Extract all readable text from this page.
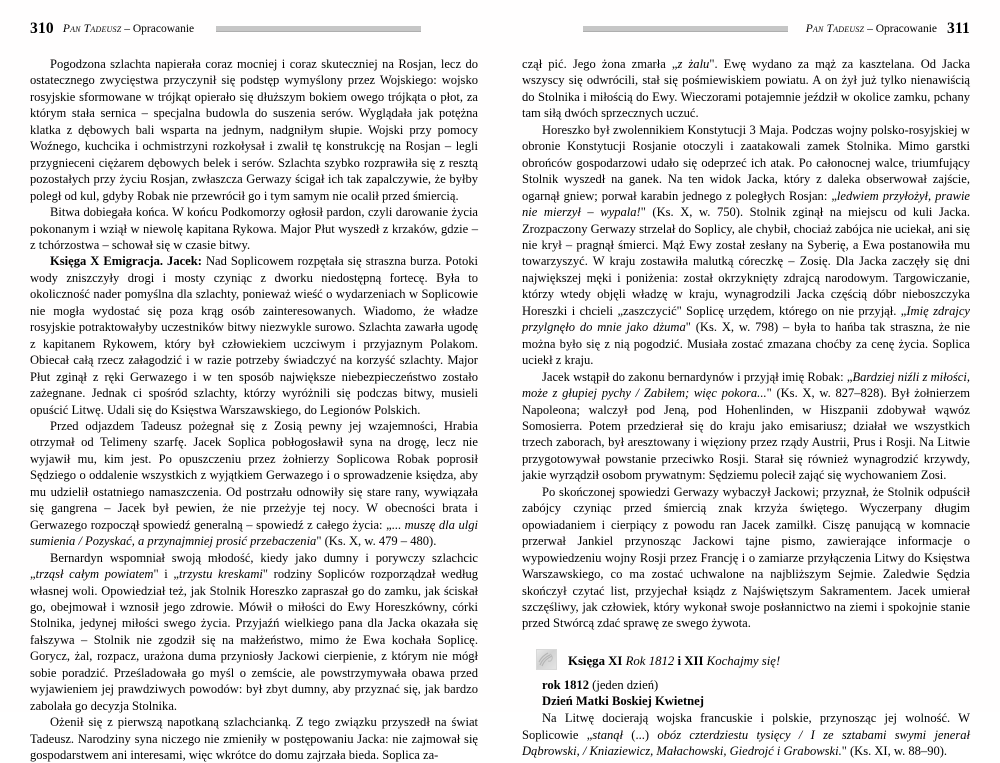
310 Pan Tadeusz – Opracowanie

Pogodzona szlachta napierała coraz mocniej i coraz skuteczniej na Rosjan, lecz do ostatecznego zwycięstwa przyczynił się podstęp wymyślony przez Wojskiego: wojsko rosyjskie sformowane w trójkąt opierało się dłuższym bokiem owego trójkąta o płot, za którym stała sernica – specjalna budowla do suszenia serów. Wyglądała jak potężna klatka z dębowych bali wsparta na jednym, nadgniłym słupie. Wojski przy pomocy Woźnego, kuchcika i ochmistrzyni rozkołysał i zwalił tę konstrukcję na Rosjan – legli przygnieceni ciężarem dębowych belek i serów. Szlachta szybko rozprawiła się z resztą pozostałych przy życiu Rosjan, zwłaszcza Gerwazy ścigał ich tak zapalczywie, że byłby poległ od kul, gdyby Robak nie przewrócił go i tym samym nie ocalił przed śmiercią.

Bitwa dobiegała końca. W końcu Podkomorzy ogłosił pardon, czyli darowanie życia pokonanym i wziął w niewolę kapitana Rykowa. Major Płut wyszedł z krzaków, gdzie – z tchórzostwa – schował się w czasie bitwy.

Księga X Emigracja. Jacek: Nad Soplicowem rozpętała się straszna burza. Potoki wody zniszczyły drogi i mosty czyniąc z dworku niedostępną fortecę. Była to okoliczność nader pomyślna dla szlachty, ponieważ wieść o wydarzeniach w Soplicowie nie mogła wydostać się poza krąg osób zainteresowanych. Wiadomo, że władze rosyjskie potraktowałyby uczestników bitwy niezwykle surowo. Szlachta zawarła ugodę z kapitanem Rykowem, który był człowiekiem uczciwym i przyjaznym Polakom. Obiecał całą rzecz załagodzić i w razie potrzeby świadczyć na korzyść szlachty. Major Płut zginął z ręki Gerwazego i w ten sposób największe niebezpieczeństwo zostało zażegnane. Jednak ci spośród szlachty, którzy wyróżnili się podczas bitwy, musieli opuścić Litwę. Udali się do Księstwa Warszawskiego, do Legionów Polskich.

Przed odjazdem Tadeusz pożegnał się z Zosią pewny jej wzajemności, Hrabia otrzymał od Telimeny szarfę. Jacek Soplica pobłogosławił syna na drogę, lecz nie wyjawił mu, kim jest. Po opuszczeniu przez żołnierzy Soplicowa Robak poprosił Sędziego o oddalenie wszystkich z wyjątkiem Gerwazego i o sprowadzenie księdza, aby mu udzielił ostatniego namaszczenia. Od postrzału odnowiły się stare rany, wywiązała się gangrena – Jacek był pewien, że nie przeżyje tej nocy. W obecności brata i Gerwazego rozpoczął spowiedź generalną – spowiedź z całego życia: „... muszę dla ulgi sumienia / Pozyskać, a przynajmniej prosić przebaczenia" (Ks. X, w. 479 – 480).

Bernardyn wspomniał swoją młodość, kiedy jako dumny i porywczy szlachcic „trząsł całym powiatem" i „trzystu kreskami" rodziny Sopliców rozporządzał według własnej woli. Opowiedział też, jak Stolnik Horeszko zapraszał go do zamku, jak ściskał go, obejmował i wznosił jego zdrowie. Mówił o miłości do Ewy Horeszkówny, córki Stolnika, jedynej miłości swego życia. Przyjaźń wielkiego pana dla Jacka okazała się fałszywa – Stolnik nie zgodził się na małżeństwo, mimo że Ewa kochała Soplicę. Gorycz, żal, rozpacz, urażona duma przyniosły Jackowi cierpienie, z którym nie mógł sobie poradzić. Prześladowała go myśl o zemście, ale powstrzymywała obawa przed wyjawieniem jej prawdziwych powodów: był zbyt dumny, aby przyznać się, jak bardzo zabolała go decyzja Stolnika.

Ożenił się z pierwszą napotkaną szlachcianką. Z tego związku przyszedł na świat Tadeusz. Narodziny syna niczego nie zmieniły w postępowaniu Jacka: nie zajmował się gospodarstwem ani interesami, więc wkrótce do domu zajrzała bieda. Soplica za-

Pan Tadeusz – Opracowanie 311

czął pić. Jego żona zmarła „z żalu". Ewę wydano za mąż za kasztelana. Od Jacka wszyscy się odwrócili, stał się pośmiewiskiem powiatu. A on żył już tylko nienawiścią do Stolnika i miłością do Ewy. Wieczorami potajemnie jeździł w okolice zamku, pchany tam siłą dwóch sprzecznych uczuć.

Horeszko był zwolennikiem Konstytucji 3 Maja. Podczas wojny polsko-rosyjskiej w obronie Konstytucji Rosjanie otoczyli i zaatakowali zamek Stolnika. Mimo garstki obrońców gospodarzowi udało się odeprzeć ich atak. Po całonocnej walce, triumfujący Stolnik wyszedł na ganek. Na ten widok Jacka, który z daleka obserwował zajście, ogarnął gniew; porwał karabin jednego z poległych Rosjan: „ledwiem przyłożył, prawie nie mierzył – wypala!" (Ks. X, w. 750). Stolnik zginął na miejscu od kuli Jacka. Zrozpaczony Gerwazy strzelał do Soplicy, ale chybił, chociaż zabójca nie uciekał, ani się nie krył – pragnął śmierci. Mąż Ewy został zesłany na Syberię, a Ewa postanowiła mu towarzyszyć. W kraju zostawiła malutką córeczkę – Zosię. Dla Jacka zaczęły się dni największej męki i poniżenia: został okrzyknięty zdrajcą narodowym. Targowiczanie, którzy wtedy objęli władzę w kraju, wynagrodzili Jacka częścią dóbr nieboszczyka Horeszki i chcieli „zaszczycić" Soplicę urzędem, którego on nie przyjął. „Imię zdrajcy przylgnęło do mnie jako dżuma" (Ks. X, w. 798) – była to hańba tak straszna, że nie można było się z nią pogodzić. Musiała zostać zmazana choćby za cenę życia. Soplica uciekł z kraju.

Jacek wstąpił do zakonu bernardynów i przyjął imię Robak: „Bardziej niźli z miłości, może z głupiej pychy / Zabiłem; więc pokora..." (Ks. X, w. 827–828). Był żołnierzem Napoleona; walczył pod Jeną, pod Hohenlinden, w Hiszpanii zdobywał wąwóz Somosierra. Potem przedzierał się do kraju jako emisariusz; działał we wszystkich trzech zaborach, był aresztowany i więziony przez rządy Austrii, Prus i Rosji. Na Litwie przygotowywał powstanie przeciwko Rosji. Starał się również wynagrodzić krzywdy, jakie wyrządził osobom prywatnym: Sędziemu polecił zająć się wychowaniem Zosi.

Po skończonej spowiedzi Gerwazy wybaczył Jackowi; przyznał, że Stolnik odpuścił zabójcy czyniąc przed śmiercią znak krzyża świętego. Wyczerpany długim opowiadaniem i cierpiący z powodu ran Jacek zamilkł. Ciszę panującą w komnacie przerwał Jankiel przynosząc Jackowi tajne pismo, zawierające informacje o wypowiedzeniu wojny Rosji przez Francję i o zamiarze przyłączenia Litwy do Księstwa Warszawskiego, co ma zostać uchwalone na najbliższym Sejmie. Zaledwie Sędzia skończył czytać list, przyjechał ksiądz z Najświętszym Sakramentem. Jacek umierał szczęśliwy, jak człowiek, który wykonał swoje posłannictwo na ziemi i spokojnie stanie przed Stwórcą zdać sprawę ze swego żywota.

Księga XI Rok 1812 i XII Kochajmy się!
rok 1812 (jeden dzień)
Dzień Matki Boskiej Kwietnej

Na Litwę docierają wojska francuskie i polskie, przynosząc jej wolność. W Soplicowie „stanął (...) obóz czterdziestu tysięcy / I ze sztabami swymi jenerał Dąbrowski, / Kniaziewicz, Małachowski, Giedrojć i Grabowski." (Ks. XI, w. 88–90).
